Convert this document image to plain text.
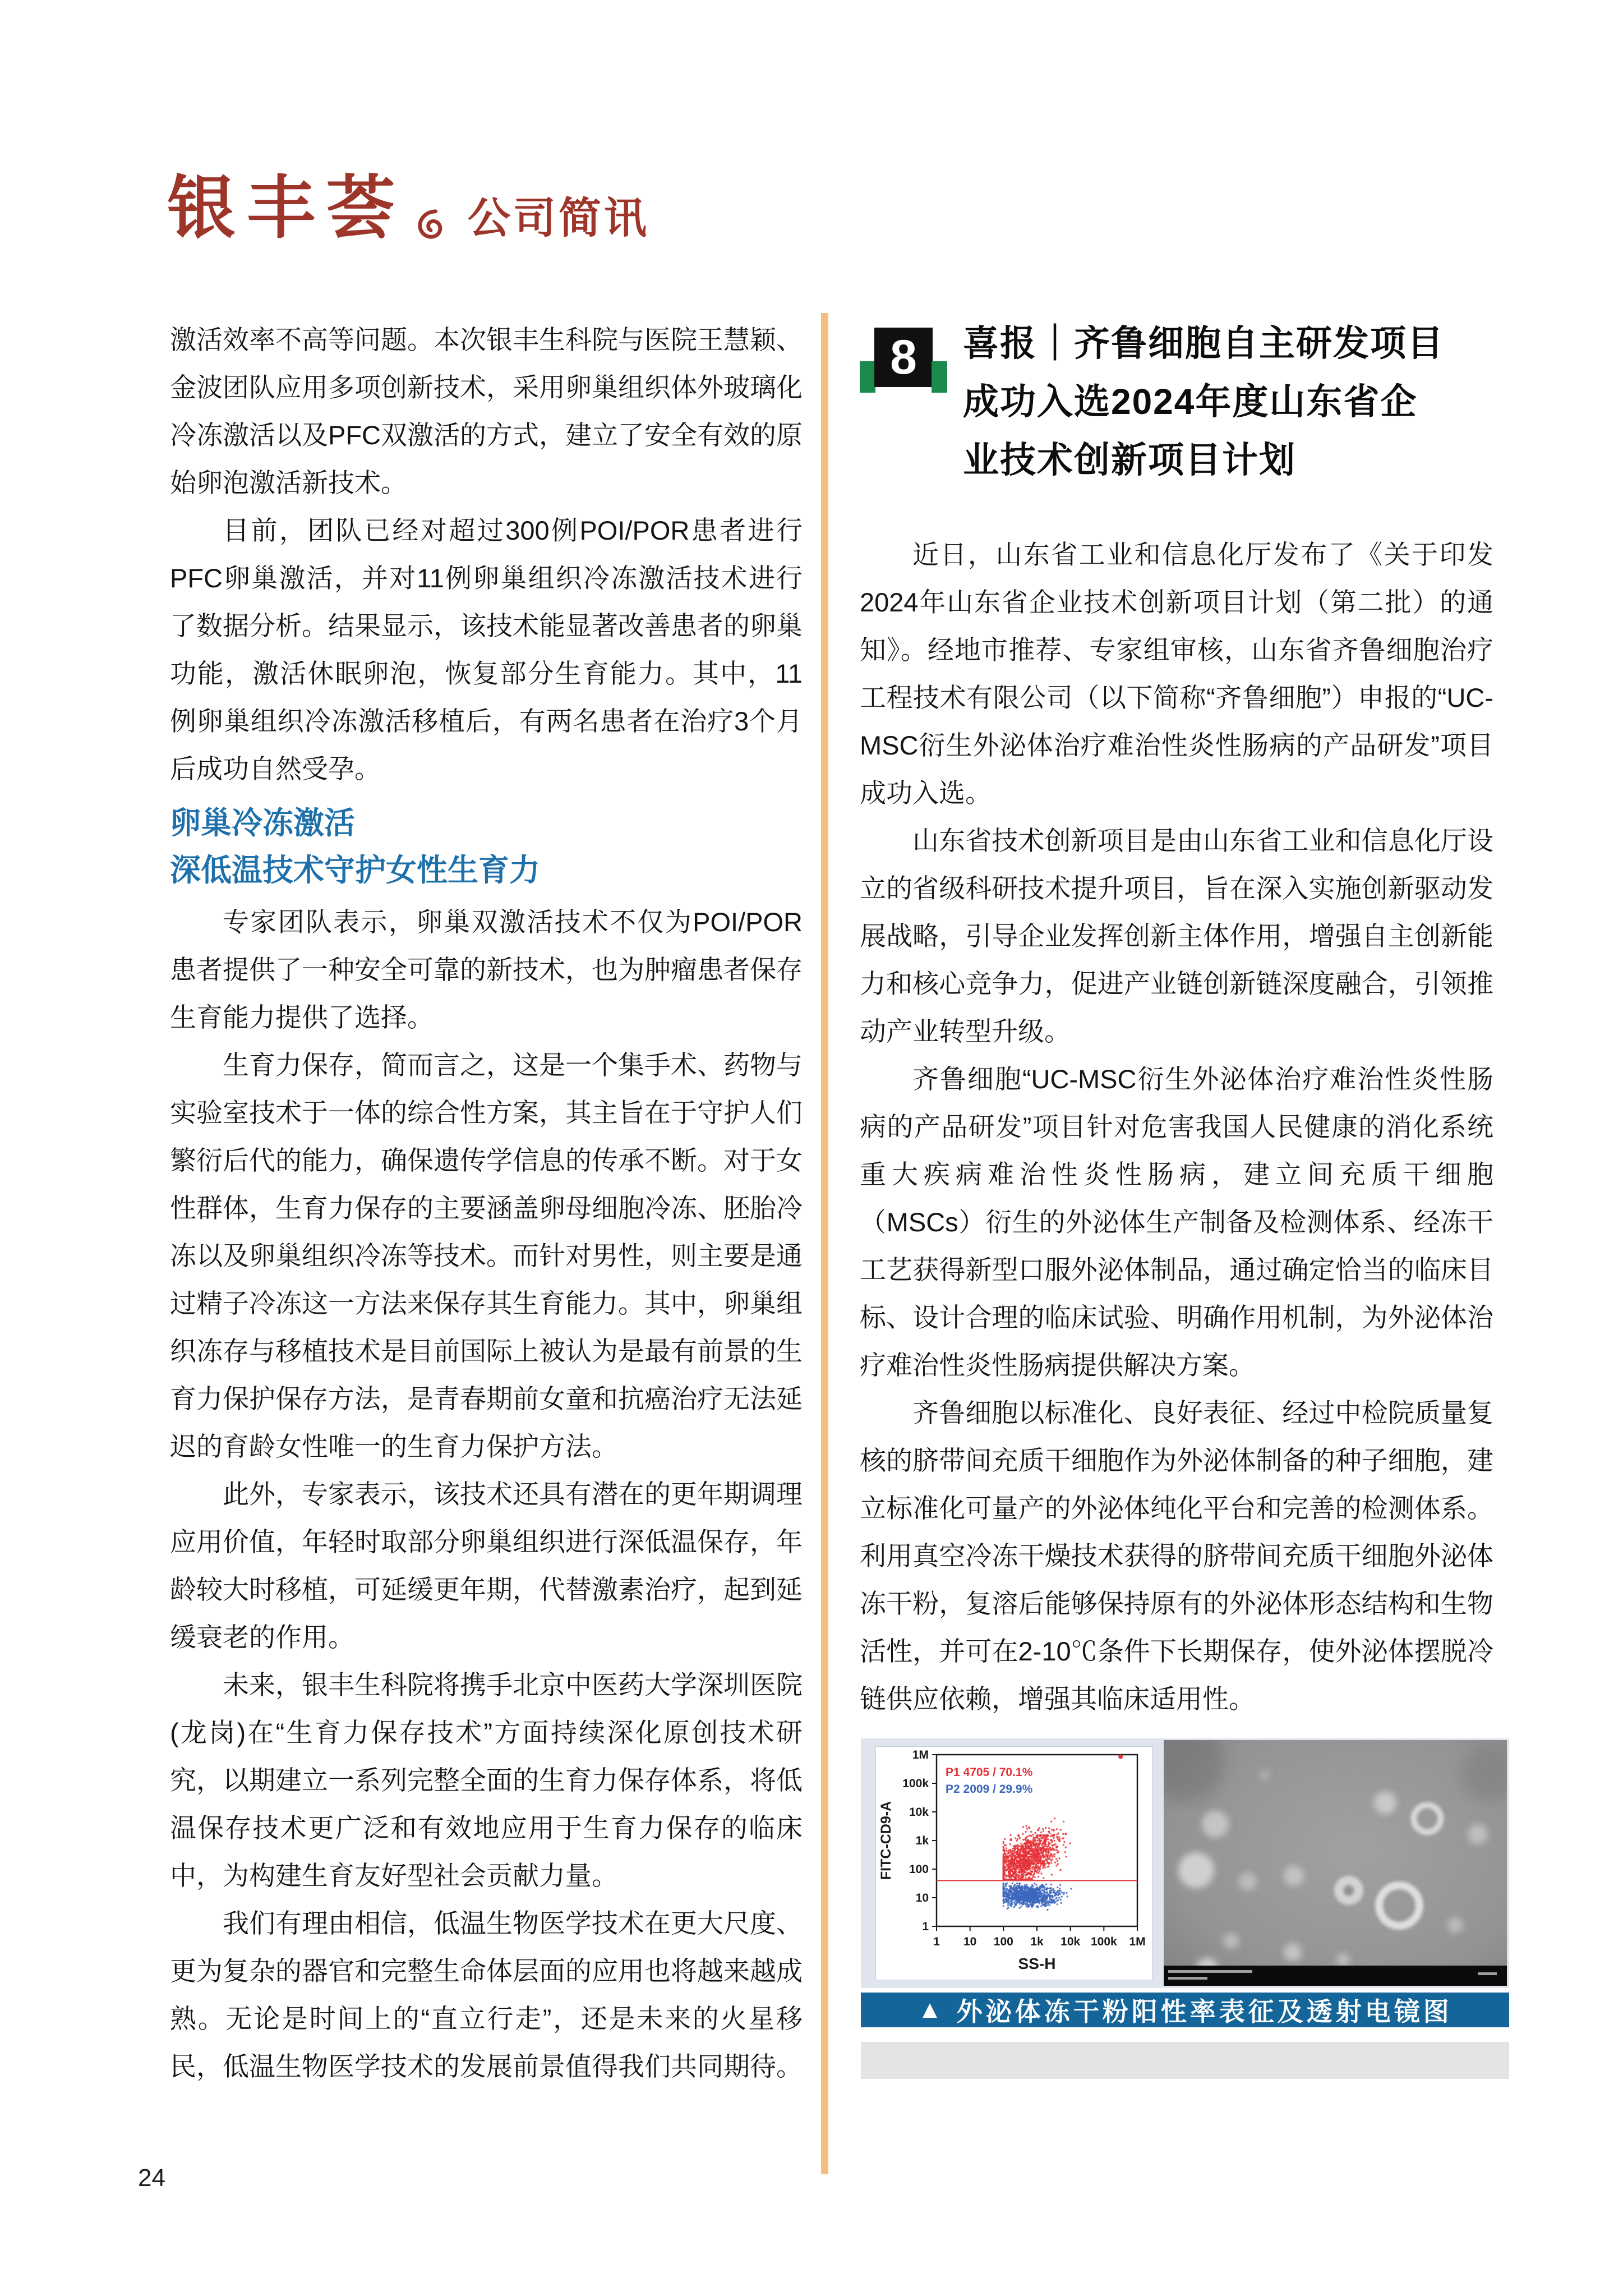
银丰荟 公司简讯

激活效率不高等问题。本次银丰生科院与医院王慧颖、金波团队应用多项创新技术，采用卵巢组织体外玻璃化冷冻激活以及PFC双激活的方式，建立了安全有效的原始卵泡激活新技术。

目前，团队已经对超过300例POI/POR患者进行PFC卵巢激活，并对11例卵巢组织冷冻激活技术进行了数据分析。结果显示，该技术能显著改善患者的卵巢功能，激活休眠卵泡，恢复部分生育能力。其中，11例卵巢组织冷冻激活移植后，有两名患者在治疗3个月后成功自然受孕。

卵巢冷冻激活
深低温技术守护女性生育力

专家团队表示，卵巢双激活技术不仅为POI/POR患者提供了一种安全可靠的新技术，也为肿瘤患者保存生育能力提供了选择。

生育力保存，简而言之，这是一个集手术、药物与实验室技术于一体的综合性方案，其主旨在于守护人们繁衍后代的能力，确保遗传学信息的传承不断。对于女性群体，生育力保存的主要涵盖卵母细胞冷冻、胚胎冷冻以及卵巢组织冷冻等技术。而针对男性，则主要是通过精子冷冻这一方法来保存其生育能力。其中，卵巢组织冻存与移植技术是目前国际上被认为是最有前景的生育力保护保存方法，是青春期前女童和抗癌治疗无法延迟的育龄女性唯一的生育力保护方法。

此外，专家表示，该技术还具有潜在的更年期调理应用价值，年轻时取部分卵巢组织进行深低温保存，年龄较大时移植，可延缓更年期，代替激素治疗，起到延缓衰老的作用。

未来，银丰生科院将携手北京中医药大学深圳医院(龙岗)在“生育力保存技术”方面持续深化原创技术研究，以期建立一系列完整全面的生育力保存体系，将低温保存技术更广泛和有效地应用于生育力保存的临床中，为构建生育友好型社会贡献力量。

我们有理由相信，低温生物医学技术在更大尺度、更为复杂的器官和完整生命体层面的应用也将越来越成熟。无论是时间上的“直立行走”，还是未来的火星移民，低温生物医学技术的发展前景值得我们共同期待。

8	喜报｜齐鲁细胞自主研发项目
成功入选2024年度山东省企
业技术创新项目计划

近日，山东省工业和信息化厅发布了《关于印发2024年山东省企业技术创新项目计划（第二批）的通知》。经地市推荐、专家组审核，山东省齐鲁细胞治疗工程技术有限公司（以下简称“齐鲁细胞”）申报的“UC-MSC衍生外泌体治疗难治性炎性肠病的产品研发”项目成功入选。

山东省技术创新项目是由山东省工业和信息化厅设立的省级科研技术提升项目，旨在深入实施创新驱动发展战略，引导企业发挥创新主体作用，增强自主创新能力和核心竞争力，促进产业链创新链深度融合，引领推动产业转型升级。

齐鲁细胞“UC-MSC衍生外泌体治疗难治性炎性肠病的产品研发”项目针对危害我国人民健康的消化系统重大疾病难治性炎性肠病，建立间充质干细胞（MSCs）衍生的外泌体生产制备及检测体系、经冻干工艺获得新型口服外泌体制品，通过确定恰当的临床目标、设计合理的临床试验、明确作用机制，为外泌体治疗难治性炎性肠病提供解决方案。

齐鲁细胞以标准化、良好表征、经过中检院质量复核的脐带间充质干细胞作为外泌体制备的种子细胞，建立标准化可量产的外泌体纯化平台和完善的检测体系。利用真空冷冻干燥技术获得的脐带间充质干细胞外泌体冻干粉，复溶后能够保持原有的外泌体形态结构和生物活性，并可在2-10℃条件下长期保存，使外泌体摆脱冷链供应依赖，增强其临床适用性。

P1 4705 / 70.1%
P2 2009 / 29.9%
1M
100k
10k
1k
100
10
1
1 10 100 1k 10k 100k 1M
SS-H
FITC-CD9-A
▲ 外泌体冻干粉阳性率表征及透射电镜图
24
